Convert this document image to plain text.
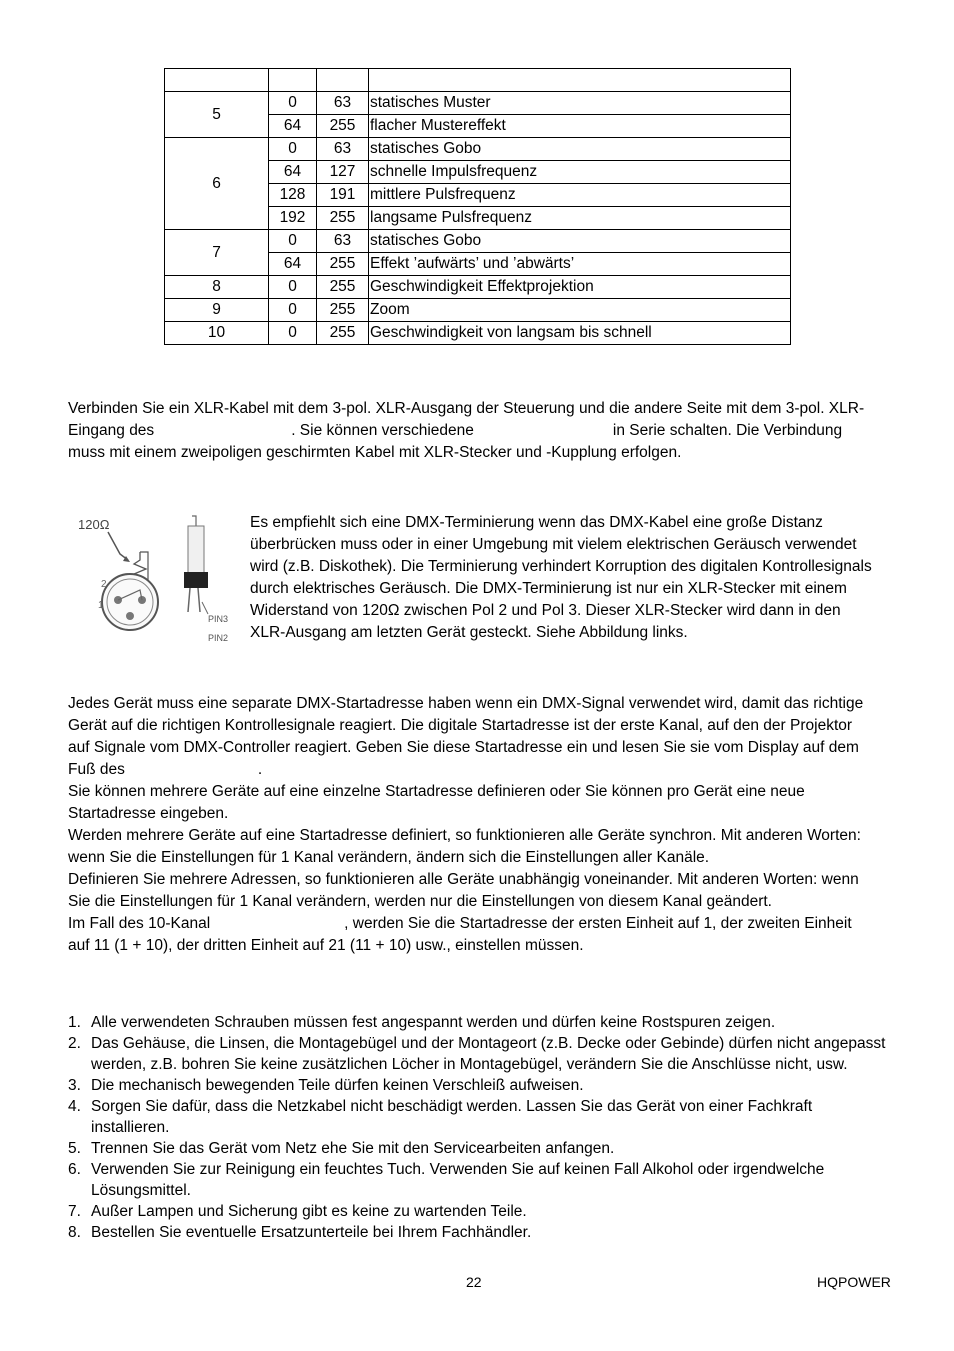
5	0	63	statisches Muster
	64	255	flacher Mustereffekt
6	0	63	statisches Gobo
	64	127	schnelle Impulsfrequenz
	128	191	mittlere Pulsfrequenz
	192	255	langsame Pulsfrequenz
7	0	63	statisches Gobo
	64	255	Effekt ’aufwärts’ und ’abwärts’
8	0	255	Geschwindigkeit Effektprojektion
9	0	255	Zoom
10	0	255	Geschwindigkeit von langsam bis schnell
Verbinden Sie ein XLR-Kabel mit dem 3-pol. XLR-Ausgang der Steuerung und die andere Seite mit dem 3-pol. XLR-
Eingang des	. Sie können verschiedene	in Serie schalten. Die Verbindung
muss mit einem zweipoligen geschirmten Kabel mit XLR-Stecker und -Kupplung erfolgen.
120Ω
2
1
PIN3
PIN2
Es empfiehlt sich eine DMX-Terminierung wenn das DMX-Kabel eine große Distanz
überbrücken muss oder in einer Umgebung mit vielem elektrischen Geräusch verwendet
wird (z.B. Diskothek). Die Terminierung verhindert Korruption des digitalen Kontrollesignals
durch elektrisches Geräusch. Die DMX-Terminierung ist nur ein XLR-Stecker mit einem
Widerstand von 120Ω zwischen Pol 2 und Pol 3. Dieser XLR-Stecker wird dann in den
XLR-Ausgang am letzten Gerät gesteckt. Siehe Abbildung links.
Jedes Gerät muss eine separate DMX-Startadresse haben wenn ein DMX-Signal verwendet wird, damit das richtige
Gerät auf die richtigen Kontrollesignale reagiert. Die digitale Startadresse ist der erste Kanal, auf den der Projektor
auf Signale vom DMX-Controller reagiert. Geben Sie diese Startadresse ein und lesen Sie sie vom Display auf dem
Fuß des	.
Sie können mehrere Geräte auf eine einzelne Startadresse definieren oder Sie können pro Gerät eine neue
Startadresse eingeben.
Werden mehrere Geräte auf eine Startadresse definiert, so funktionieren alle Geräte synchron. Mit anderen Worten:
wenn Sie die Einstellungen für 1 Kanal verändern, ändern sich die Einstellungen aller Kanäle.
Definieren Sie mehrere Adressen, so funktionieren alle Geräte unabhängig voneinander. Mit anderen Worten: wenn
Sie die Einstellungen für 1 Kanal verändern, werden nur die Einstellungen von diesem Kanal geändert.
Im Fall des 10-Kanal	, werden Sie die Startadresse der ersten Einheit auf 1, der zweiten Einheit
auf 11 (1 + 10), der dritten Einheit auf 21 (11 + 10) usw., einstellen müssen.
1. Alle verwendeten Schrauben müssen fest angespannt werden und dürfen keine Rostspuren zeigen.
2. Das Gehäuse, die Linsen, die Montagebügel und der Montageort (z.B. Decke oder Gebinde) dürfen nicht angepasst werden, z.B. bohren Sie keine zusätzlichen Löcher in Montagebügel, verändern Sie die Anschlüsse nicht, usw.
3. Die mechanisch bewegenden Teile dürfen keinen Verschleiß aufweisen.
4. Sorgen Sie dafür, dass die Netzkabel nicht beschädigt werden. Lassen Sie das Gerät von einer Fachkraft installieren.
5. Trennen Sie das Gerät vom Netz ehe Sie mit den Servicearbeiten anfangen.
6. Verwenden Sie zur Reinigung ein feuchtes Tuch. Verwenden Sie auf keinen Fall Alkohol oder irgendwelche Lösungsmittel.
7. Außer Lampen und Sicherung gibt es keine zu wartenden Teile.
8. Bestellen Sie eventuelle Ersatzunterteile bei Ihrem Fachhändler.
22	HQPOWER
